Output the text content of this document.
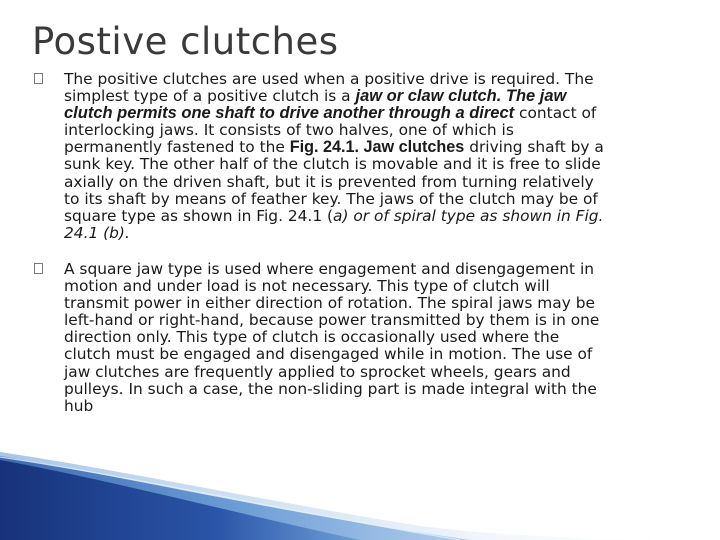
Postive clutches
The positive clutches are used when a positive drive is required. The
simplest type of a positive clutch is a jaw or claw clutch. The jaw
clutch permits one shaft to drive another through a direct contact of
interlocking jaws. It consists of two halves, one of which is
permanently fastened to the Fig. 24.1. Jaw clutches driving shaft by a
sunk key. The other half of the clutch is movable and it is free to slide
axially on the driven shaft, but it is prevented from turning relatively
to its shaft by means of feather key. The jaws of the clutch may be of
square type as shown in Fig. 24.1 (a) or of spiral type as shown in Fig.
24.1 (b).
A square jaw type is used where engagement and disengagement in
motion and under load is not necessary. This type of clutch will
transmit power in either direction of rotation. The spiral jaws may be
left-hand or right-hand, because power transmitted by them is in one
direction only. This type of clutch is occasionally used where the
clutch must be engaged and disengaged while in motion. The use of
jaw clutches are frequently applied to sprocket wheels, gears and
pulleys. In such a case, the non-sliding part is made integral with the
hub
